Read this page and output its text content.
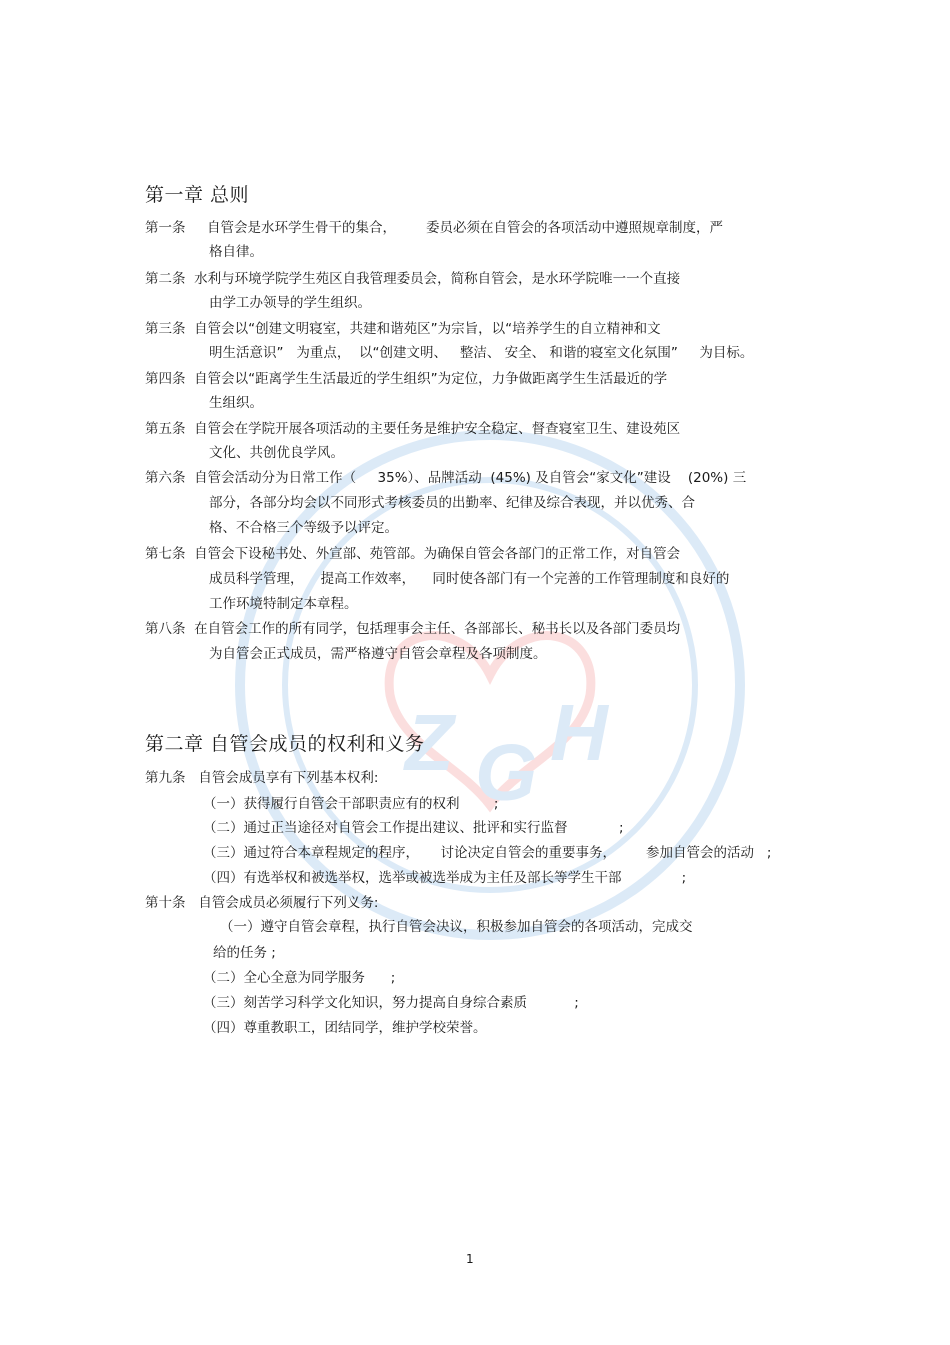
Z G H
第一章 总则
第一条     自管会是水环学生骨干的集合，       委员必须在自管会的各项活动中遵照规章制度，严
格自律。
第二条  水利与环境学院学生苑区自我管理委员会，简称自管会，是水环学院唯一一个直接
由学工办领导的学生组织。
第三条  自管会以“创建文明寝室，共建和谐苑区”为宗旨，以“培养学生的自立精神和文
明生活意识”   为重点，  以“创建文明、   整洁、 安全、 和谐的寝室文化氛围”     为目标。
第四条  自管会以“距离学生生活最近的学生组织”为定位，力争做距离学生生活最近的学
生组织。
第五条  自管会在学院开展各项活动的主要任务是维护安全稳定、督查寝室卫生、建设苑区
文化、共创优良学风。
第六条  自管会活动分为日常工作（     35%）、品牌活动  (45%) 及自管会“家文化”建设    (20%) 三
部分，各部分均会以不同形式考核委员的出勤率、纪律及综合表现，并以优秀、合
格、不合格三个等级予以评定。
第七条  自管会下设秘书处、外宣部、苑管部。为确保自管会各部门的正常工作，对自管会
成员科学管理，    提高工作效率，    同时使各部门有一个完善的工作管理制度和良好的
工作环境特制定本章程。
第八条  在自管会工作的所有同学，包括理事会主任、各部部长、秘书长以及各部门委员均
为自管会正式成员，需严格遵守自管会章程及各项制度。
第二章 自管会成员的权利和义务
第九条   自管会成员享有下列基本权利:
（一）获得履行自管会干部职责应有的权利        ;
（二）通过正当途径对自管会工作提出建议、批评和实行监督            ;
（三）通过符合本章程规定的程序，     讨论决定自管会的重要事务，       参加自管会的活动   ;
（四）有选举权和被选举权，选举或被选举成为主任及部长等学生干部              ;
第十条   自管会成员必须履行下列义务:
（一）遵守自管会章程，执行自管会决议，积极参加自管会的各项活动，完成交
给的任务 ;
（二）全心全意为同学服务      ;
（三）刻苦学习科学文化知识，努力提高自身综合素质           ;
（四）尊重教职工，团结同学，维护学校荣誉。
1
